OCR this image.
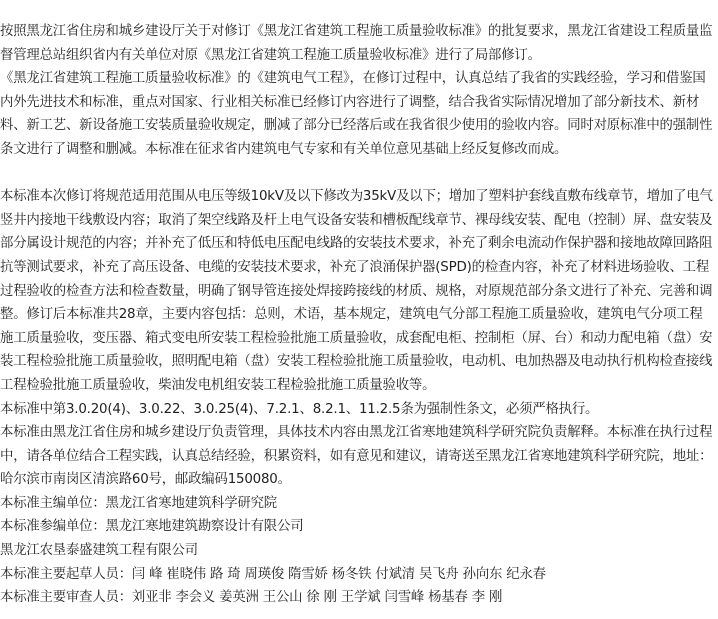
按照黑龙江省住房和城乡建设厅关于对修订《黑龙江省建筑工程施工质量验收标准》的批复要求，黑龙江省建设工程质量监督管理总站组织省内有关单位对原《黑龙江省建筑工程施工质量验收标准》进行了局部修订。

《黑龙江省建筑工程施工质量验收标准》的《建筑电气工程》，在修订过程中，认真总结了我省的实践经验，学习和借鉴国内外先进技术和标准，重点对国家、行业相关标准已经修订内容进行了调整，结合我省实际情况增加了部分新技术、新材料、新工艺、新设备施工安装质量验收规定，删减了部分已经落后或在我省很少使用的验收内容。同时对原标准中的强制性条文进行了调整和删减。本标准在征求省内建筑电气专家和有关单位意见基础上经反复修改而成。

本标准本次修订将规范适用范围从电压等级10kV及以下修改为35kV及以下；增加了塑料护套线直敷布线章节，增加了电气竖井内接地干线敷设内容；取消了架空线路及杆上电气设备安装和槽板配线章节、裸母线安装、配电（控制）屏、盘安装及部分属设计规范的内容；并补充了低压和特低电压配电线路的安装技术要求，补充了剩余电流动作保护器和接地故障回路阻抗等测试要求，补充了高压设备、电缆的安装技术要求，补充了浪涌保护器(SPD)的检查内容，补充了材料进场验收、工程过程验收的检查方法和检查数量，明确了钢导管连接处焊接跨接线的材质、规格，对原规范部分条文进行了补充、完善和调整。修订后本标准共28章，主要内容包括：总则，术语，基本规定，建筑电气分部工程施工质量验收，建筑电气分项工程施工质量验收，变压器、箱式变电所安装工程检验批施工质量验收，成套配电柜、控制柜（屏、台）和动力配电箱（盘）安装工程检验批施工质量验收，照明配电箱（盘）安装工程检验批施工质量验收，电动机、电加热器及电动执行机构检查接线工程检验批施工质量验收，柴油发电机组安装工程检验批施工质量验收等。

本标准中第3.0.20(4)、3.0.22、3.0.25(4)、7.2.1、8.2.1、11.2.5条为强制性条文，必须严格执行。

本标准由黑龙江省住房和城乡建设厅负责管理，具体技术内容由黑龙江省寒地建筑科学研究院负责解释。本标准在执行过程中，请各单位结合工程实践，认真总结经验，积累资料，如有意见和建议，请寄送至黑龙江省寒地建筑科学研究院，地址：哈尔滨市南岗区清滨路60号，邮政编码150080。

本标准主编单位：黑龙江省寒地建筑科学研究院

本标准参编单位：黑龙江寒地建筑勘察设计有限公司

黑龙江农垦泰盛建筑工程有限公司

本标准主要起草人员：闫 峰 崔晓伟 路 琦 周瑛俊 隋雪娇 杨冬铁 付斌清 吴飞舟 孙向东 纪永春

本标准主要审查人员：刘亚非 李会义 姜英洲 王公山 徐 刚 王学斌 闫雪峰 杨基春 李 刚
